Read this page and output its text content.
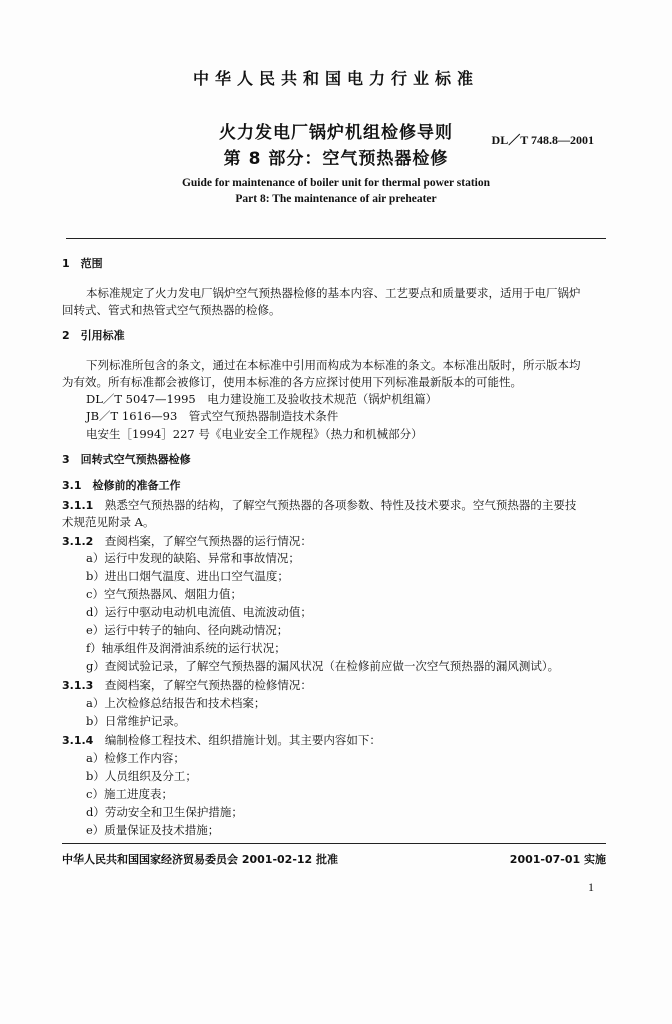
中华人民共和国电力行业标准
火力发电厂锅炉机组检修导则
第 8 部分：空气预热器检修
DL／T 748.8—2001
Guide for maintenance of boiler unit for thermal power station
Part 8: The maintenance of air preheater
1　范围
本标准规定了火力发电厂锅炉空气预热器检修的基本内容、工艺要点和质量要求，适用于电厂锅炉
回转式、管式和热管式空气预热器的检修。
2　引用标准
下列标准所包含的条文，通过在本标准中引用而构成为本标准的条文。本标准出版时，所示版本均
为有效。所有标准都会被修订，使用本标准的各方应探讨使用下列标准最新版本的可能性。
DL／T 5047—1995　电力建设施工及验收技术规范（锅炉机组篇）
JB／T 1616—93　管式空气预热器制造技术条件
电安生［1994］227 号《电业安全工作规程》（热力和机械部分）
3　回转式空气预热器检修
3.1　检修前的准备工作
3.1.1　熟悉空气预热器的结构，了解空气预热器的各项参数、特性及技术要求。空气预热器的主要技
术规范见附录 A。
3.1.2　查阅档案，了解空气预热器的运行情况：
a）运行中发现的缺陷、异常和事故情况；
b）进出口烟气温度、进出口空气温度；
c）空气预热器风、烟阻力值；
d）运行中驱动电动机电流值、电流波动值；
e）运行中转子的轴向、径向跳动情况；
f）轴承组件及润滑油系统的运行状况；
g）查阅试验记录，了解空气预热器的漏风状况（在检修前应做一次空气预热器的漏风测试）。
3.1.3　查阅档案，了解空气预热器的检修情况：
a）上次检修总结报告和技术档案；
b）日常维护记录。
3.1.4　编制检修工程技术、组织措施计划。其主要内容如下：
a）检修工作内容；
b）人员组织及分工；
c）施工进度表；
d）劳动安全和卫生保护措施；
e）质量保证及技术措施；
中华人民共和国国家经济贸易委员会 2001-02-12 批准	2001-07-01 实施
1
